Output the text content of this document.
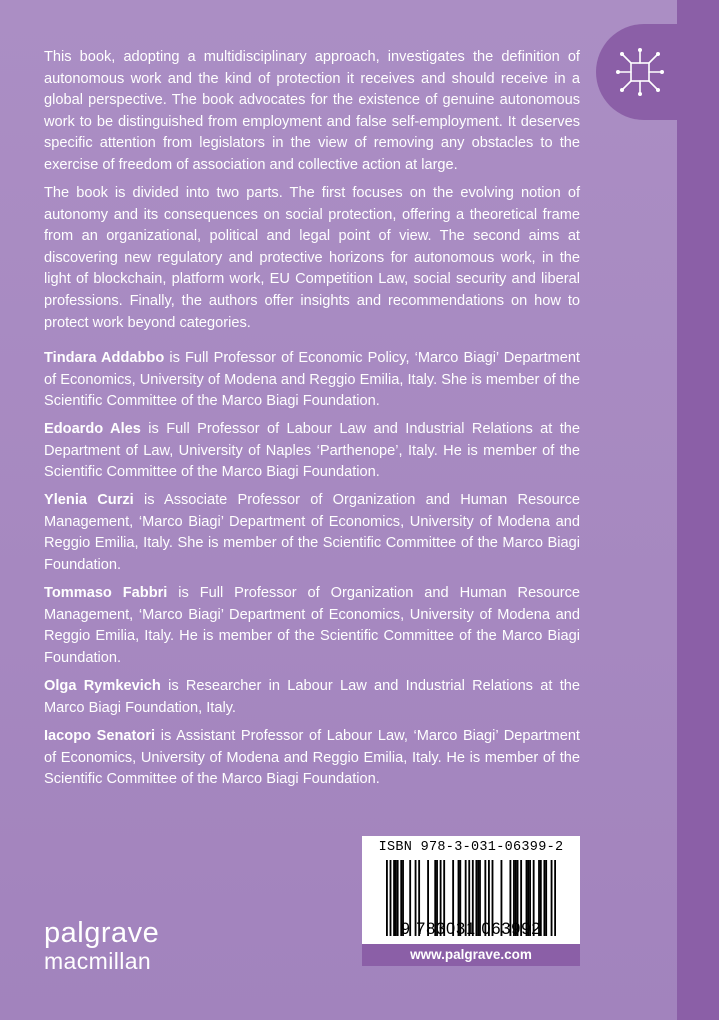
This book, adopting a multidisciplinary approach, investigates the definition of autonomous work and the kind of protection it receives and should receive in a global perspective. The book advocates for the existence of genuine autonomous work to be distinguished from employment and false self-employment. It deserves specific attention from legislators in the view of removing any obstacles to the exercise of freedom of association and collective action at large.

The book is divided into two parts. The first focuses on the evolving notion of autonomy and its consequences on social protection, offering a theoretical frame from an organizational, political and legal point of view. The second aims at discovering new regulatory and protective horizons for autonomous work, in the light of blockchain, platform work, EU Competition Law, social security and liberal professions. Finally, the authors offer insights and recommendations on how to protect work beyond categories.

Tindara Addabbo is Full Professor of Economic Policy, ‘Marco Biagi’ Department of Economics, University of Modena and Reggio Emilia, Italy. She is member of the Scientific Committee of the Marco Biagi Foundation.

Edoardo Ales is Full Professor of Labour Law and Industrial Relations at the Department of Law, University of Naples ‘Parthenope’, Italy. He is member of the Scientific Committee of the Marco Biagi Foundation.

Ylenia Curzi is Associate Professor of Organization and Human Resource Management, ‘Marco Biagi’ Department of Economics, University of Modena and Reggio Emilia, Italy. She is member of the Scientific Committee of the Marco Biagi Foundation.

Tommaso Fabbri is Full Professor of Organization and Human Resource Management, ‘Marco Biagi’ Department of Economics, University of Modena and Reggio Emilia, Italy. He is member of the Scientific Committee of the Marco Biagi Foundation.

Olga Rymkevich is Researcher in Labour Law and Industrial Relations at the Marco Biagi Foundation, Italy.

Iacopo Senatori is Assistant Professor of Labour Law, ‘Marco Biagi’ Department of Economics, University of Modena and Reggio Emilia, Italy. He is member of the Scientific Committee of the Marco Biagi Foundation.

ISBN 978-3-031-06399-2
9 783031 063992
www.palgrave.com
palgrave
macmillan
